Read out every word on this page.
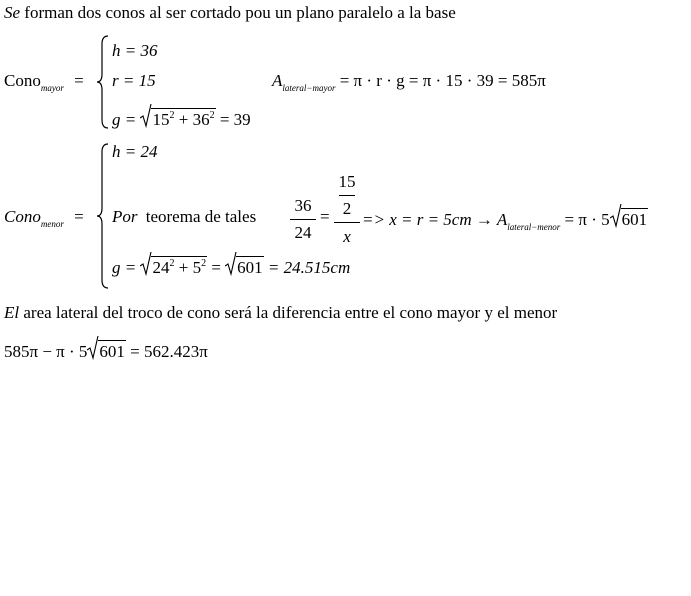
Se forman dos conos al ser cortado pou un plano paralelo a la base
Cono$_{mayor}$ =
h = 36
r = 15
$g = 15^2 + 36^2 = 39$
$A_{lateral-mayor} = \pi \cdot r \cdot g = \pi \cdot 15 \cdot 39 = 585\pi$
Cono$_{menor}$ =
h = 24
Por teorema de tales $\frac{36}{24}$ =
15
2
x
=> $x = r = 5cm \to A_{lateral-menor} = \pi \cdot 5$ 601
$g = 24^2 + 5^2$ =
601 = 24.515cm
El area lateral del troco de cono será la diferencia entre el cono mayor y el menor
585π − π · 5 601 = 562.423π
